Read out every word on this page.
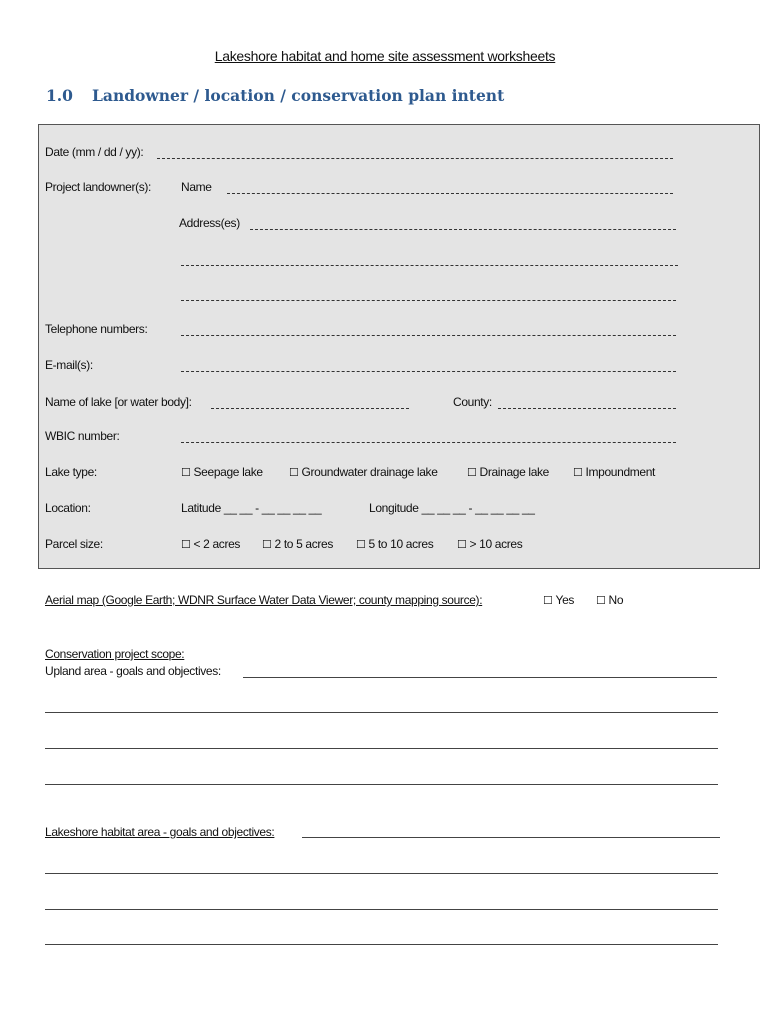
Lakeshore habitat and home site assessment worksheets
1.0 Landowner / location / conservation plan intent
Date (mm / dd / yy):
Project landowner(s): Name
Address(es)
Telephone numbers:
E-mail(s):
Name of lake [or water body]:	County:
WBIC number:
Lake type:	☐ Seepage lake ☐ Groundwater drainage lake	☐ Drainage lake ☐ Impoundment
Location:	Latitude __ __ - __ __ __ __	Longitude __ __ __ - __ __ __ __
Parcel size:	☐ < 2 acres ☐ 2 to 5 acres ☐ 5 to 10 acres ☐ > 10 acres
Aerial map (Google Earth; WDNR Surface Water Data Viewer; county mapping source):	☐ Yes ☐ No
Conservation project scope:
Upland area - goals and objectives:
Lakeshore habitat area - goals and objectives:
